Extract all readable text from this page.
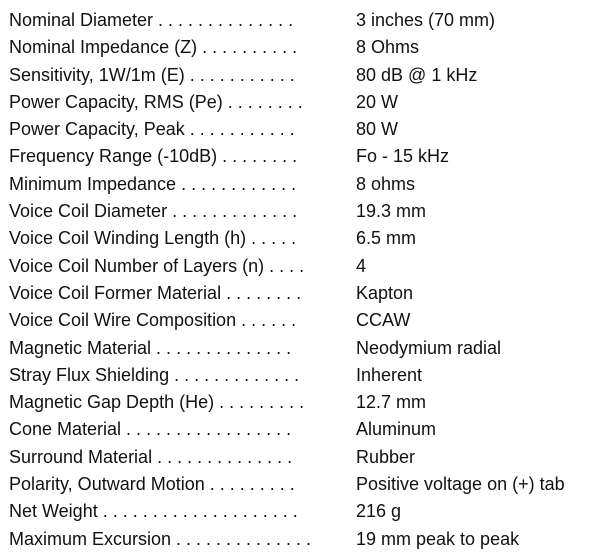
Nominal Diameter . . . . . . . . . . . . . .	3 inches (70 mm)
Nominal Impedance (Z) . . . . . . . . . .	8 Ohms
Sensitivity, 1W/1m (E) . . . . . . . . . . .	80 dB @ 1 kHz
Power Capacity, RMS (Pe) . . . . . . . .	20 W
Power Capacity, Peak . . . . . . . . . . .	80 W
Frequency Range (-10dB) . . . . . . . .	Fo - 15 kHz
Minimum Impedance . . . . . . . . . . . .	8 ohms
Voice Coil Diameter . . . . . . . . . . . . .	19.3 mm
Voice Coil Winding Length (h) . . . . .	6.5 mm
Voice Coil Number of Layers (n) . . . .	4
Voice Coil Former Material . . . . . . . .	Kapton
Voice Coil Wire Composition . . . . . .	CCAW
Magnetic Material . . . . . . . . . . . . . .	Neodymium radial
Stray Flux Shielding . . . . . . . . . . . . .	Inherent
Magnetic Gap Depth (He) . . . . . . . . .	12.7 mm
Cone Material . . . . . . . . . . . . . . . . .	Aluminum
Surround Material . . . . . . . . . . . . . .	Rubber
Polarity, Outward Motion . . . . . . . . .	Positive voltage on (+) tab
Net Weight . . . . . . . . . . . . . . . . . . . .	216 g
Maximum Excursion . . . . . . . . . . . . . .	19 mm peak to peak
